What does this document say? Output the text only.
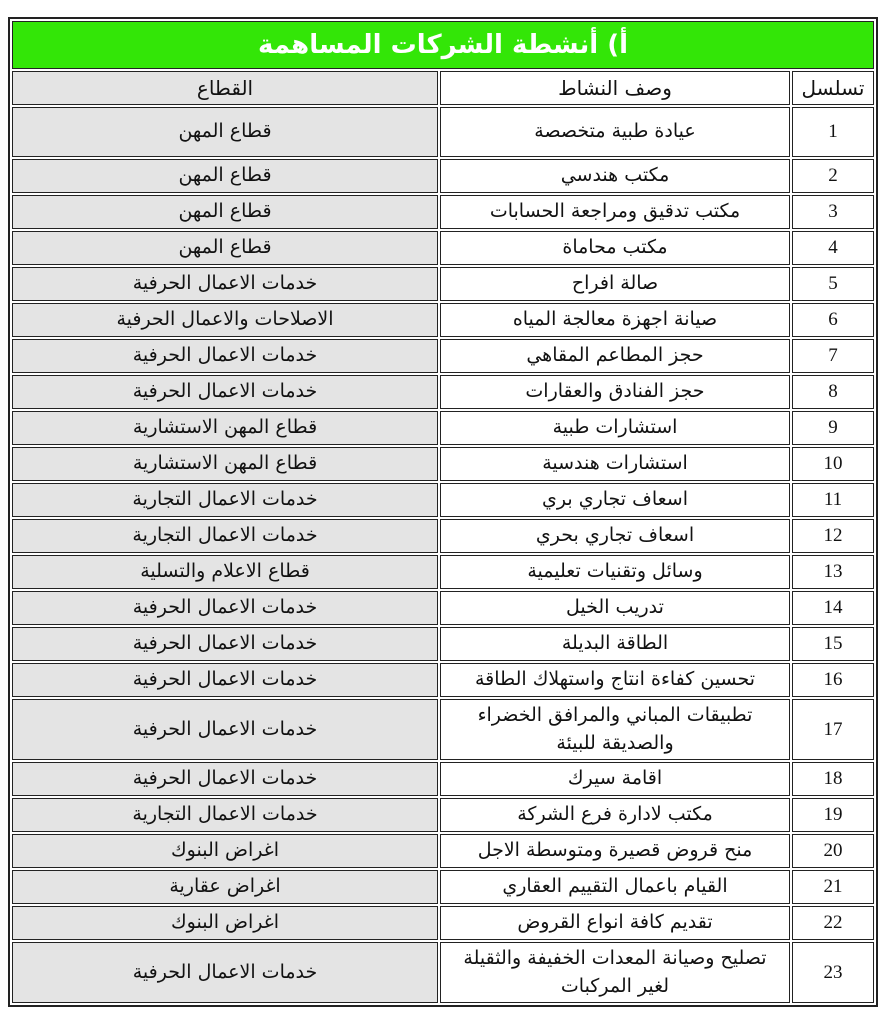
أ) أنشطة الشركات المساهمة		
تسلسل	وصف النشاط	القطاع
1	عيادة طبية متخصصة	قطاع المهن
2	مكتب هندسي	قطاع المهن
3	مكتب تدقيق ومراجعة الحسابات	قطاع المهن
4	مكتب محاماة	قطاع المهن
5	صالة افراح	خدمات الاعمال الحرفية
6	صيانة اجهزة معالجة المياه	الاصلاحات والاعمال الحرفية
7	حجز المطاعم المقاهي	خدمات الاعمال الحرفية
8	حجز الفنادق والعقارات	خدمات الاعمال الحرفية
9	استشارات طبية	قطاع المهن الاستشارية
10	استشارات هندسية	قطاع المهن الاستشارية
11	اسعاف تجاري بري	خدمات الاعمال التجارية
12	اسعاف تجاري بحري	خدمات الاعمال التجارية
13	وسائل وتقنيات تعليمية	قطاع الاعلام والتسلية
14	تدريب الخيل	خدمات الاعمال الحرفية
15	الطاقة البديلة	خدمات الاعمال الحرفية
16	تحسين كفاءة انتاج واستهلاك الطاقة	خدمات الاعمال الحرفية
17	تطبيقات المباني والمرافق الخضراء والصديقة للبيئة	خدمات الاعمال الحرفية
18	اقامة سيرك	خدمات الاعمال الحرفية
19	مكتب لادارة فرع الشركة	خدمات الاعمال التجارية
20	منح قروض قصيرة ومتوسطة الاجل	اغراض البنوك
21	القيام باعمال التقييم العقاري	اغراض عقارية
22	تقديم كافة انواع القروض	اغراض البنوك
23	تصليح وصيانة المعدات الخفيفة والثقيلة لغير المركبات	خدمات الاعمال الحرفية
